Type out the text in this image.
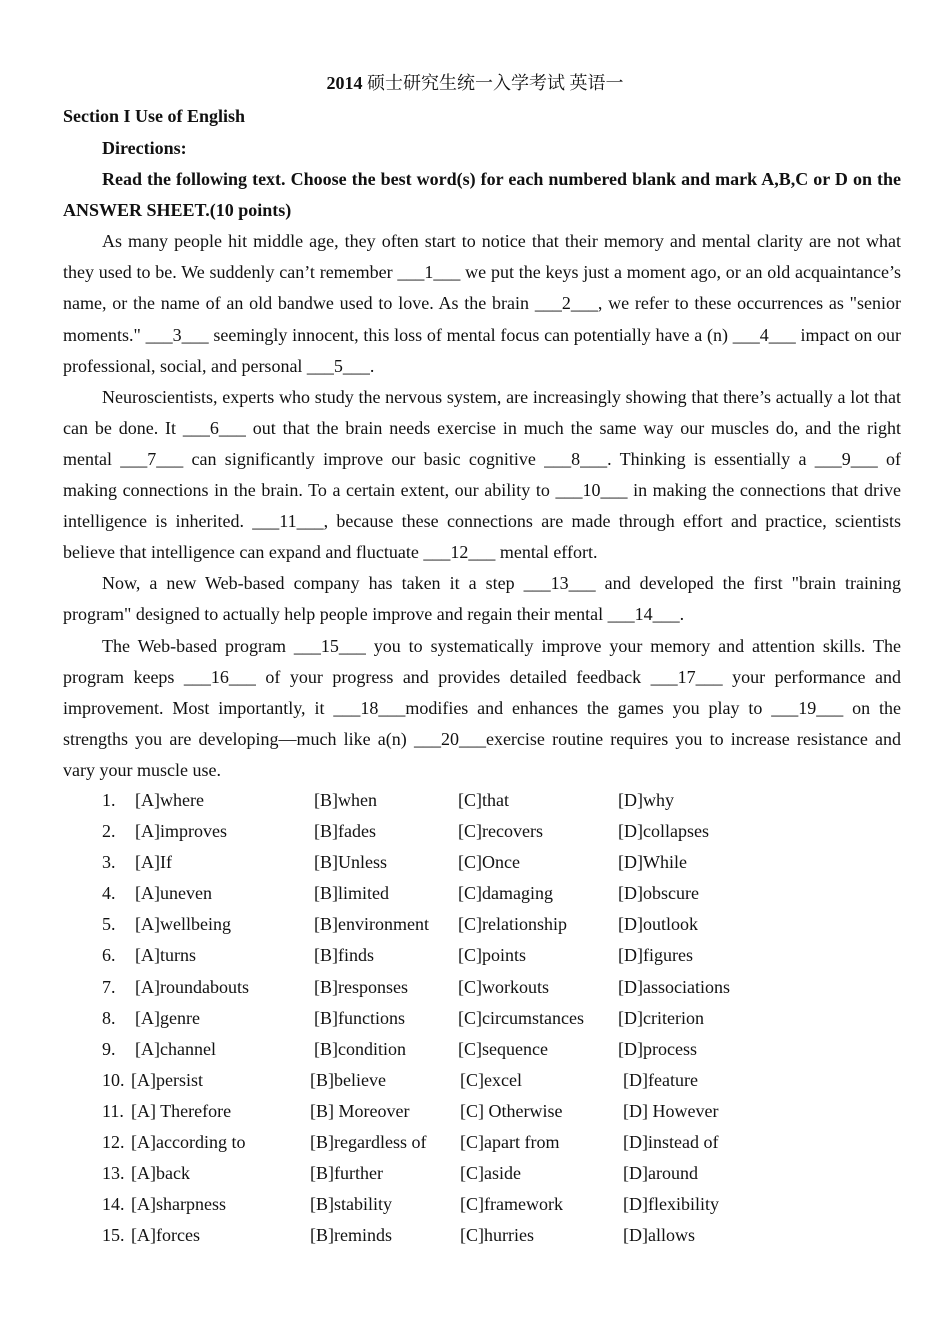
2014 硕士研究生统一入学考试 英语一
Section I Use of English

Directions:

Read the following text. Choose the best word(s) for each numbered blank and mark A,B,C or D on the ANSWER SHEET.(10 points)

As many people hit middle age, they often start to notice that their memory and mental clarity are not what they used to be. We suddenly can’t remember ___1___ we put the keys just a moment ago, or an old acquaintance’s name, or the name of an old bandwe used to love. As the brain ___2___, we refer to these occurrences as "senior moments." ___3___ seemingly innocent, this loss of mental focus can potentially have a (n) ___4___ impact on our professional, social, and personal ___5___.

Neuroscientists, experts who study the nervous system, are increasingly showing that there’s actually a lot that can be done. It ___6___ out that the brain needs exercise in much the same way our muscles do, and the right mental ___7___ can significantly improve our basic cognitive ___8___. Thinking is essentially a ___9___ of making connections in the brain. To a certain extent, our ability to ___10___ in making the connections that drive intelligence is inherited. ___11___, because these connections are made through effort and practice, scientists believe that intelligence can expand and fluctuate ___12___ mental effort.

Now, a new Web-based company has taken it a step ___13___ and developed the first "brain training program" designed to actually help people improve and regain their mental ___14___.

The Web-based program ___15___ you to systematically improve your memory and attention skills. The program keeps ___16___ of your progress and provides detailed feedback ___17___ your performance and improvement. Most importantly, it ___18___modifies and enhances the games you play to ___19___ on the strengths you are developing—much like a(n) ___20___exercise routine requires you to increase resistance and vary your muscle use.

1. [A]where	[B]when	[C]that	[D]why
2. [A]improves	[B]fades	[C]recovers	[D]collapses
3. [A]If	[B]Unless	[C]Once	[D]While
4. [A]uneven	[B]limited	[C]damaging	[D]obscure
5. [A]wellbeing	[B]environment [C]relationship	[D]outlook
6. [A]turns	[B]finds	[C]points	[D]figures
7. [A]roundabouts	[B]responses	[C]workouts	[D]associations
8. [A]genre	[B]functions	[C]circumstances [D]criterion
9. [A]channel	[B]condition	[C]sequence	[D]process
10. [A]persist	[B]believe	[C]excel	[D]feature
11. [A] Therefore	[B] Moreover	[C] Otherwise	[D] However
12. [A]according to	[B]regardless of [C]apart from	[D]instead of
13. [A]back	[B]further	[C]aside	[D]around
14. [A]sharpness	[B]stability	[C]framework	[D]flexibility
15. [A]forces	[B]reminds	[C]hurries	[D]allows
